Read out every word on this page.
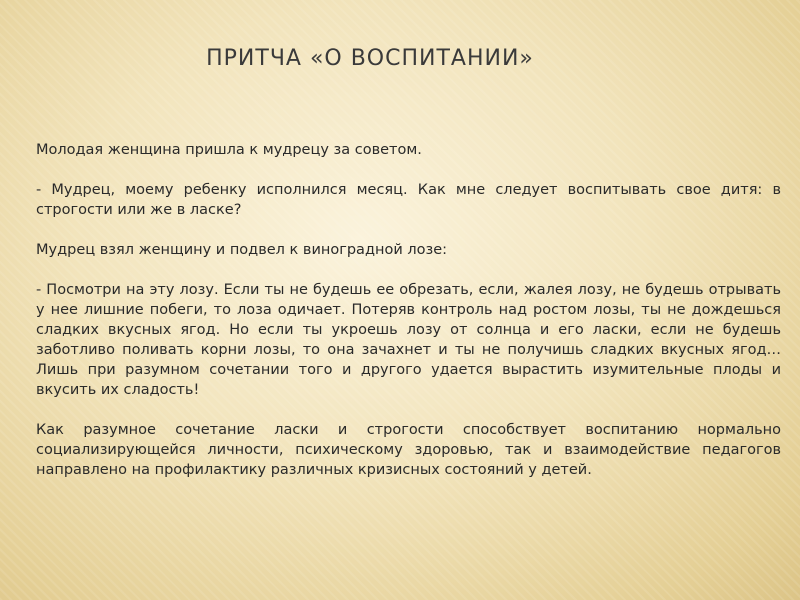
ПРИТЧА «О ВОСПИТАНИИ»

Молодая женщина пришла к мудрецу за советом.

- Мудрец, моему ребенку исполнился месяц. Как мне следует воспитывать свое дитя: в строгости или же в ласке?

Мудрец взял женщину и подвел к виноградной лозе:

- Посмотри на эту лозу. Если ты не будешь ее обрезать, если, жалея лозу, не будешь отрывать у нее лишние побеги, то лоза одичает. Потеряв контроль над ростом лозы, ты не дождешься сладких вкусных ягод. Но если ты укроешь лозу от солнца и его ласки, если не будешь заботливо поливать корни лозы, то она зачахнет и ты не получишь сладких вкусных ягод… Лишь при разумном сочетании того и другого удается вырастить изумительные плоды и вкусить их сладость!

Как разумное сочетание ласки и строгости способствует воспитанию нормально социализирующейся личности, психическому здоровью, так и взаимодействие педагогов направлено на профилактику различных кризисных состояний у детей.
